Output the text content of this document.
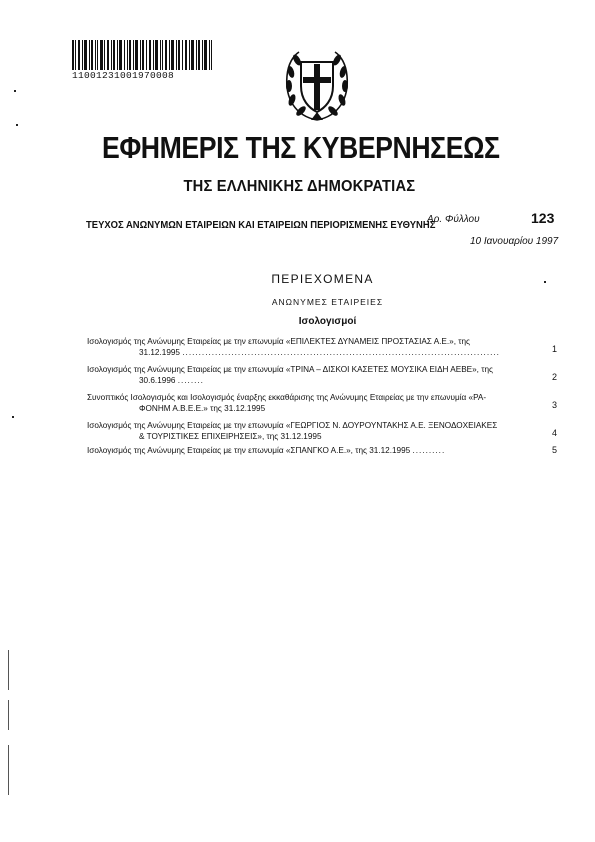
11001231001970008
ΕΦΗΜΕΡΙΣ ΤΗΣ ΚΥΒΕΡΝΗΣΕΩΣ
ΤΗΣ ΕΛΛΗΝΙΚΗΣ ΔΗΜΟΚΡΑΤΙΑΣ
ΤΕΥΧΟΣ ΑΝΩΝΥΜΩΝ ΕΤΑΙΡΕΙΩΝ ΚΑΙ ΕΤΑΙΡΕΙΩΝ ΠΕΡΙΟΡΙΣΜΕΝΗΣ ΕΥΘΥΝΗΣ
Αρ. Φύλλου	123
10 Ιανουαρίου 1997
ΠΕΡΙΕΧΟΜΕΝΑ
ΑΝΩΝΥΜΕΣ ΕΤΑΙΡΕΙΕΣ
Ισολογισμοί
Ισολογισμός της Ανώνυμης Εταιρείας με την επωνυμία «ΕΠΙΛΕΚΤΕΣ ΔΥΝΑΜΕΙΣ ΠΡΟΣΤΑΣΙΑΣ Α.Ε.», της
31.12.1995 .................................................................................................	1
Ισολογισμός της Ανώνυμης Εταιρείας με την επωνυμία «ΤΡΙΝΑ – ΔΙΣΚΟΙ ΚΑΣΕΤΕΣ ΜΟΥΣΙΚΑ ΕΙΔΗ ΑΕΒΕ», της
30.6.1996 ........	2
Συνοπτικός Ισολογισμός και Ισολογισμός έναρξης εκκαθάρισης της Ανώνυμης Εταιρείας με την επωνυμία «ΡΑ-
ΦΟΝΗΜ Α.Β.Ε.Ε.» της 31.12.1995	3
Ισολογισμός της Ανώνυμης Εταιρείας με την επωνυμία «ΓΕΩΡΓΙΟΣ Ν. ΔΟΥΡΟΥΝΤΑΚΗΣ Α.Ε. ΞΕΝΟΔΟΧΕΙΑΚΕΣ
& ΤΟΥΡΙΣΤΙΚΕΣ ΕΠΙΧΕΙΡΗΣΕΙΣ», της 31.12.1995	4
Ισολογισμός της Ανώνυμης Εταιρείας με την επωνυμία «ΣΠΑΝΓΚΟ Α.Ε.», της 31.12.1995 ..........	5
